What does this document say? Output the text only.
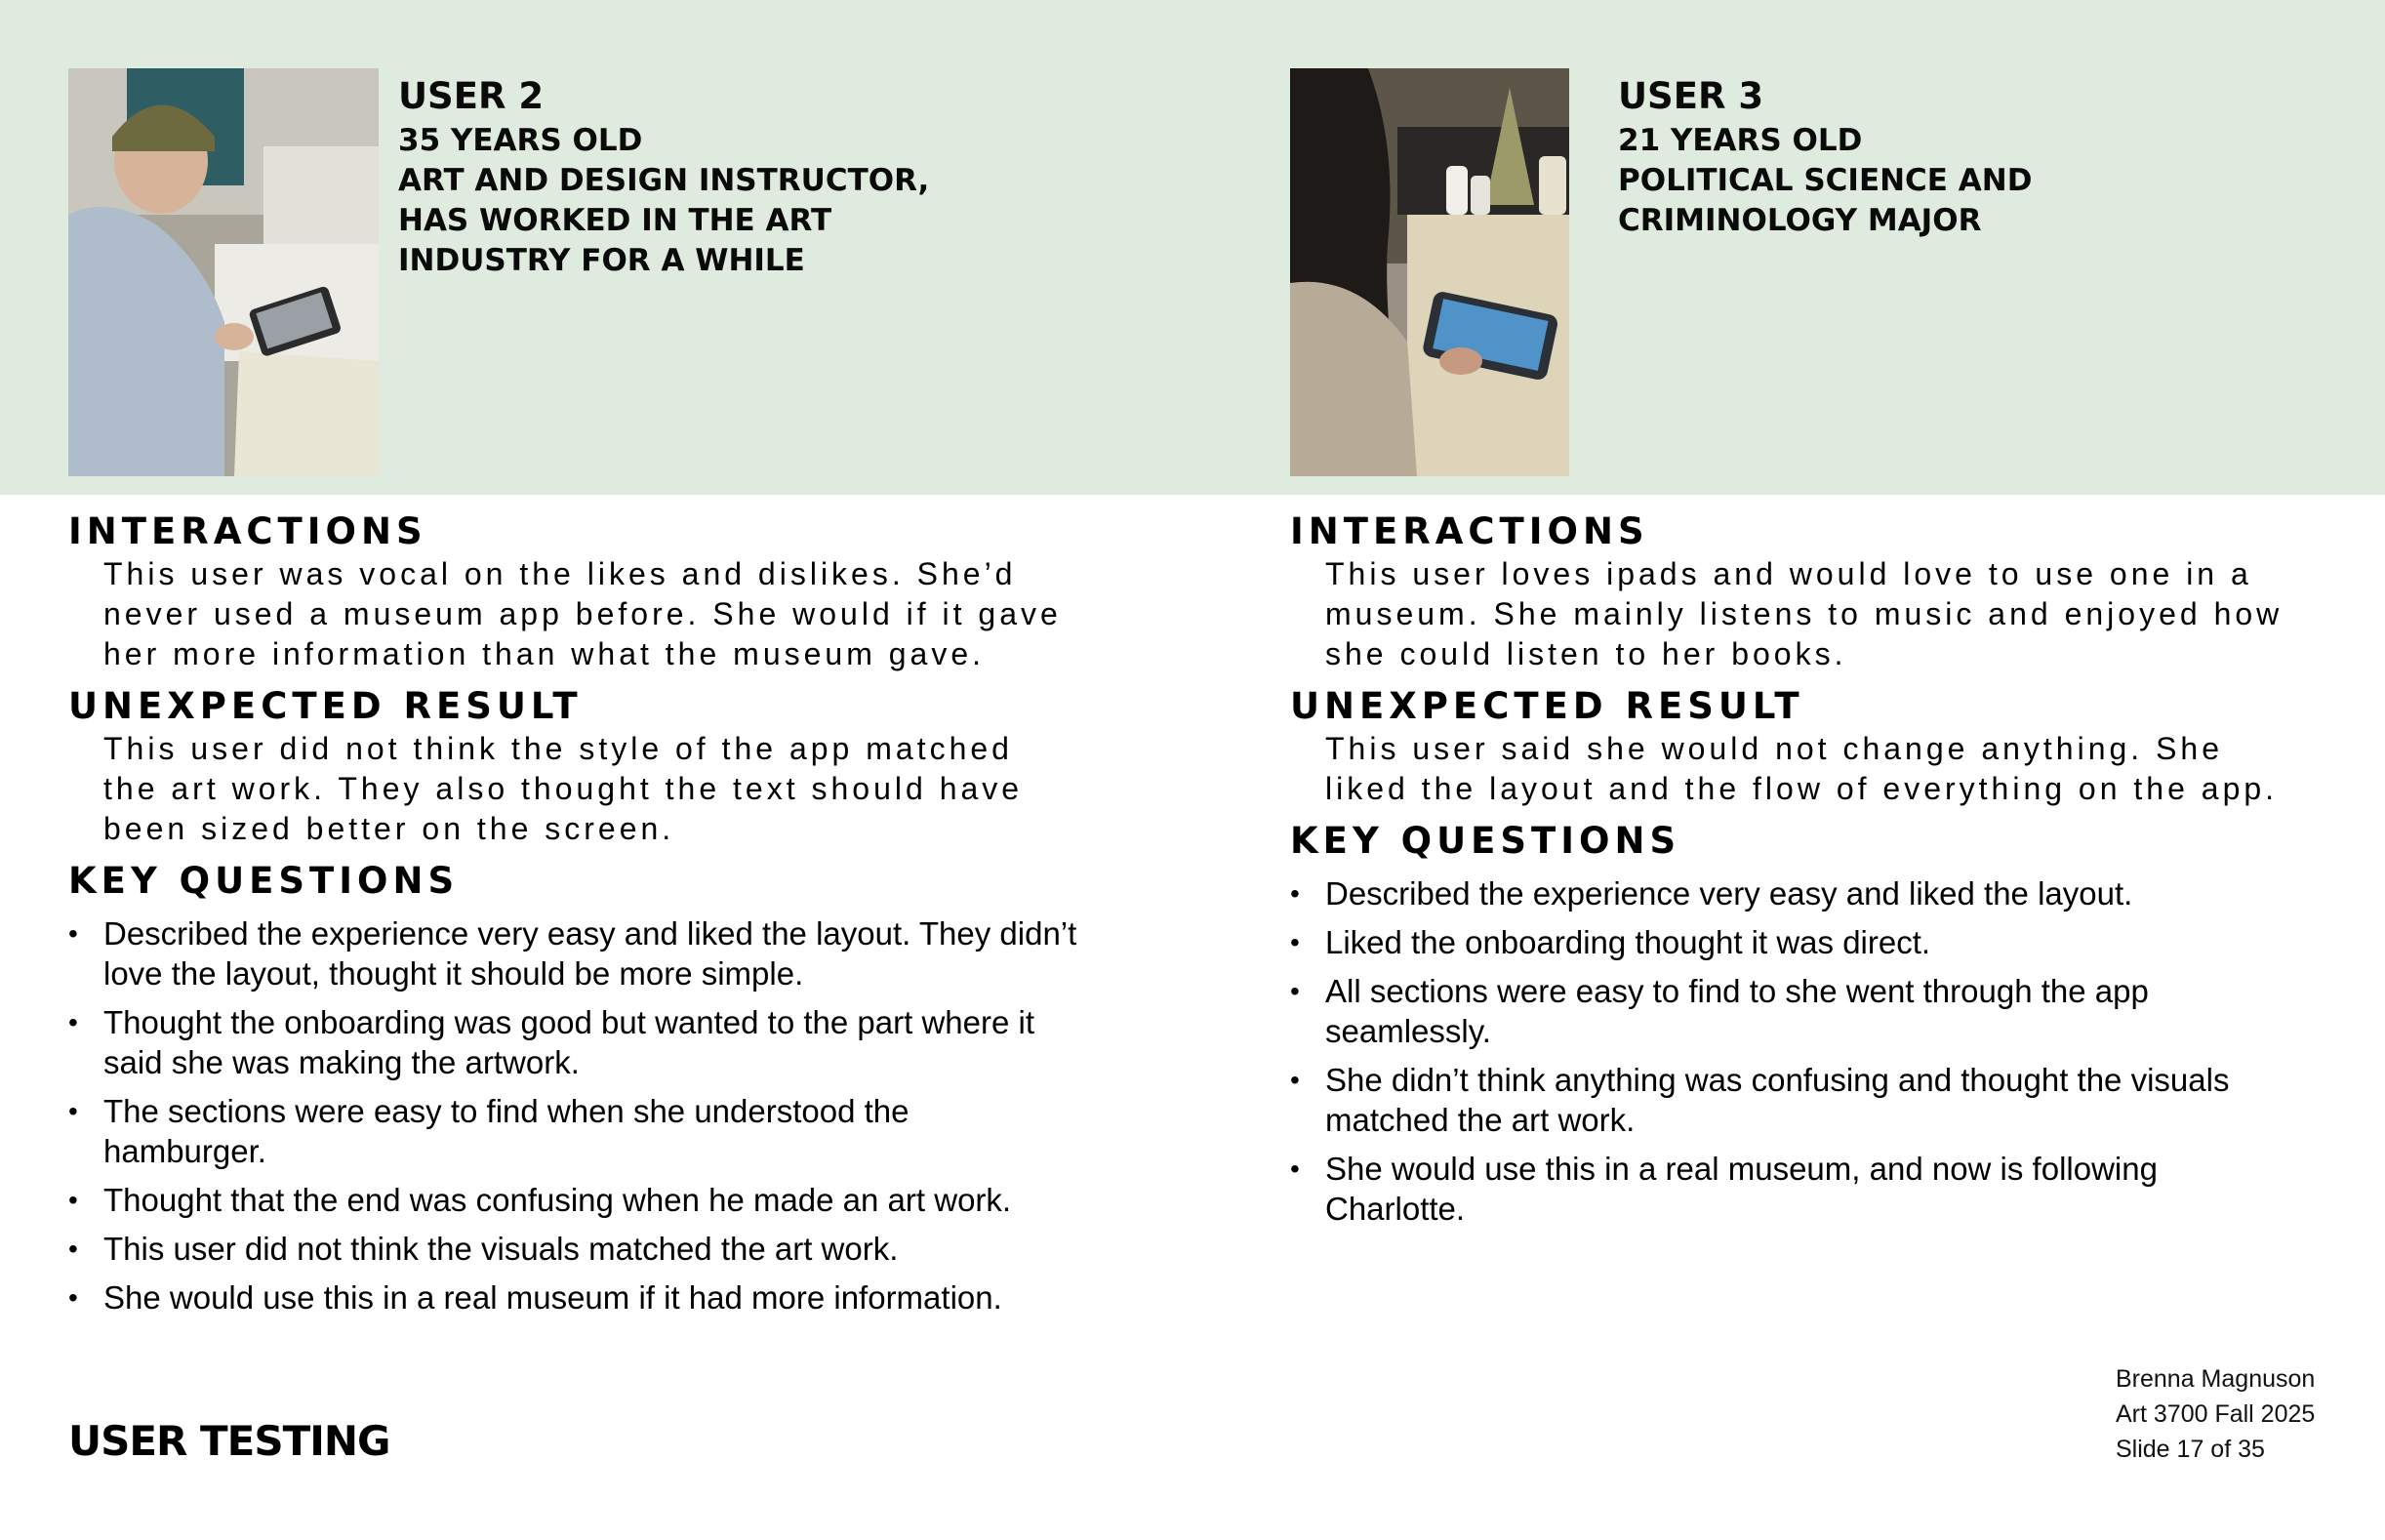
USER 2
35 YEARS OLD
ART AND DESIGN INSTRUCTOR,
HAS WORKED IN THE ART
INDUSTRY FOR A WHILE
USER 3
21 YEARS OLD
POLITICAL SCIENCE AND
CRIMINOLOGY MAJOR
INTERACTIONS
This user was vocal on the likes and dislikes. She’d
never used a museum app before. She would if it gave
her more information than what the museum gave.
UNEXPECTED RESULT
This user did not think the style of the app matched
the art work. They also thought the text should have
been sized better on the screen.
KEY QUESTIONS
• Described the experience very easy and liked the layout. They didn’t
love the layout, thought it should be more simple.
• Thought the onboarding was good but wanted to the part where it
said she was making the artwork.
• The sections were easy to find when she understood the
hamburger.
• Thought that the end was confusing when he made an art work.
• This user did not think the visuals matched the art work.
• She would use this in a real museum if it had more information.
INTERACTIONS
This user loves ipads and would love to use one in a
museum. She mainly listens to music and enjoyed how
she could listen to her books.
UNEXPECTED RESULT
This user said she would not change anything. She
liked the layout and the flow of everything on the app.
KEY QUESTIONS
• Described the experience very easy and liked the layout.
• Liked the onboarding thought it was direct.
• All sections were easy to find to she went through the app
seamlessly.
• She didn’t think anything was confusing and thought the visuals
matched the art work.
• She would use this in a real museum, and now is following
Charlotte.
USER TESTING
Brenna Magnuson
Art 3700 Fall 2025
Slide 17 of 35
